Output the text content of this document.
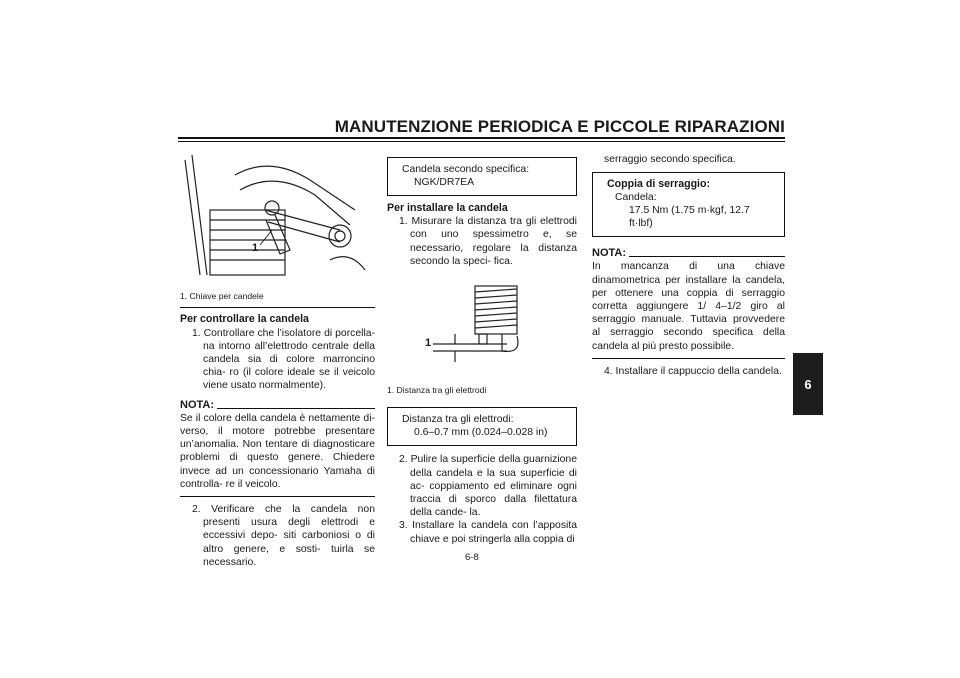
MANUTENZIONE PERIODICA E PICCOLE RIPARAZIONI
6
1
1. Chiave per candele
Per controllare la candela
1. Controllare che l’isolatore di porcella- na intorno all’elettrodo centrale della candela sia di colore marroncino chia- ro (il colore ideale se il veicolo viene usato normalmente).
NOTA:
Se il colore della candela è nettamente di- verso, il motore potrebbe presentare un’anomalia. Non tentare di diagnosticare problemi di questo genere. Chiedere invece ad un concessionario Yamaha di controlla- re il veicolo.
2. Verificare che la candela non presenti usura degli elettrodi e eccessivi depo- siti carboniosi o di altro genere, e sosti- tuirla se necessario.
Candela secondo specifica:
NGK/DR7EA
Per installare la candela
1. Misurare la distanza tra gli elettrodi con uno spessimetro e, se necessario, regolare la distanza secondo la speci- fica.
1
1. Distanza tra gli elettrodi
Distanza tra gli elettrodi:
0.6–0.7 mm (0.024–0.028 in)
2. Pulire la superficie della guarnizione della candela e la sua superficie di ac- coppiamento ed eliminare ogni traccia di sporco dalla filettatura della cande- la.
3. Installare la candela con l’apposita chiave e poi stringerla alla coppia di
serraggio secondo specifica.
Coppia di serraggio:
Candela:
17.5 Nm (1.75 m·kgf, 12.7 ft·lbf)
NOTA:
In mancanza di una chiave dinamometrica per installare la candela, per ottenere una coppia di serraggio corretta aggiungere 1/ 4–1/2 giro al serraggio manuale. Tuttavia provvedere al serraggio secondo specifica della candela al più presto possibile.
4. Installare il cappuccio della candela.
6-8
